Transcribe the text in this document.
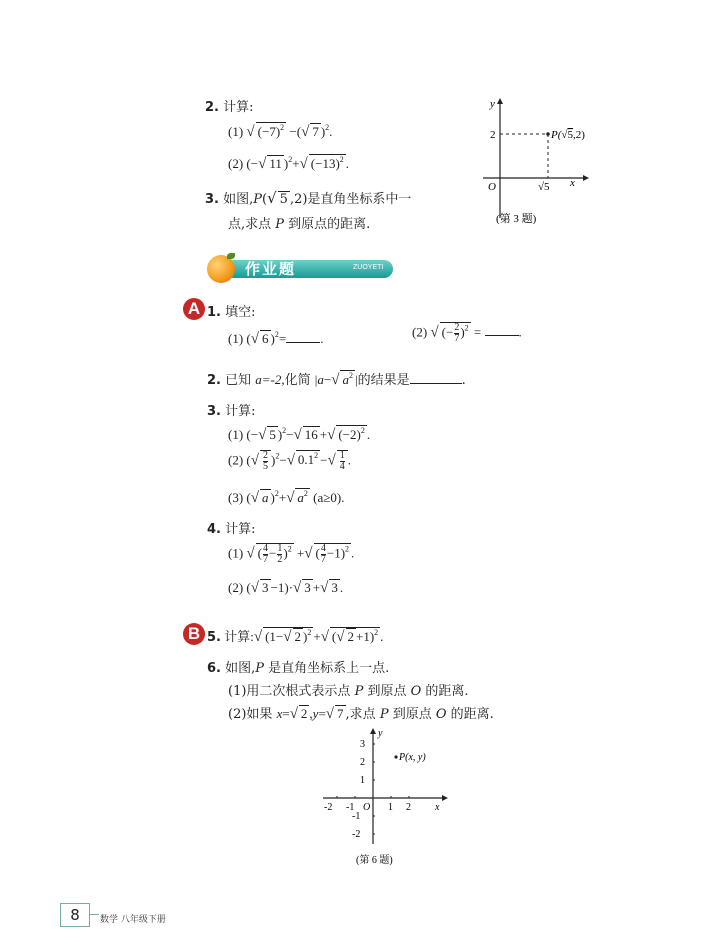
2. 计算:
(1) √ $(-7)^2$ −(√ 7 )$^2$.
(2) (−√ 11 )$^2$+√ $(-13)^2$ .
3. 如图,P(√ 5 ,2)是直角坐标系中一
点,求点 P 到原点的距离.
y
x
O
2	P(√5,2)
√5
(第 3 题)
作业题	ZUOYETI
A 1. 填空:
(1) (√ 6 )$^2$=	.	(2) √ (− $\frac{2}{7} )^2$ =	.
2. 已知 a=-2,化简 |a−√ $a^2$ |的结果是	.
3. 计算:
(1) (−√ 5 )$^2$−√ 16 +√ $(-2)^2$ .
(2) (√ $\frac{2}{5} )^2-√$ $0.1^2$ −√ $\frac{1}{4}$ .
(3) (√ a )$^2$+√ $a^2$ (a≥0).
4. 计算:
(1) √ ( $\frac{4}{7} - \frac{1}{2} )^2$ +√ ( $\frac{4}{7} -1)^2$ .
(2) (√ 3 −1)·√ 3 +√ 3 .
B 5. 计算:√ (1−√ 2 )$^2$ +√ (√ 2 +1)$^2$ .
6. 如图,P 是直角坐标系上一点.
(1)用二次根式表示点 P 到原点 O 的距离.
(2)如果 x=√ 2 ,y=√ 7 ,求点 P 到原点 O 的距离.
y
x
O
-2 -1	1 2
3
2
1
-1
-2
P(x, y)
(第 6 题)
8	数学 八年级下册
